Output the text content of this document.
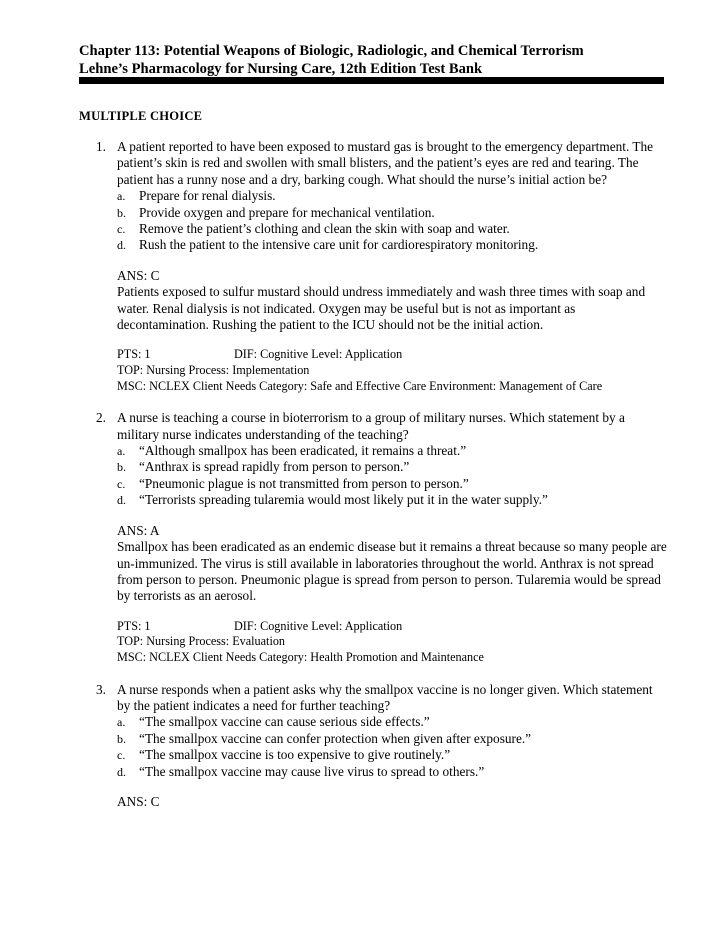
Chapter 113: Potential Weapons of Biologic, Radiologic, and Chemical Terrorism
Lehne’s Pharmacology for Nursing Care, 12th Edition Test Bank
MULTIPLE CHOICE
1. A patient reported to have been exposed to mustard gas is brought to the emergency department. The patient’s skin is red and swollen with small blisters, and the patient’s eyes are red and tearing. The patient has a runny nose and a dry, barking cough. What should the nurse’s initial action be?

a. Prepare for renal dialysis.
b. Provide oxygen and prepare for mechanical ventilation.
c. Remove the patient’s clothing and clean the skin with soap and water.
d. Rush the patient to the intensive care unit for cardiorespiratory monitoring.
ANS: C
Patients exposed to sulfur mustard should undress immediately and wash three times with soap and water. Renal dialysis is not indicated. Oxygen may be useful but is not as important as decontamination. Rushing the patient to the ICU should not be the initial action.
PTS: 1	DIF: Cognitive Level: Application
TOP: Nursing Process: Implementation
MSC: NCLEX Client Needs Category: Safe and Effective Care Environment: Management of Care
2. A nurse is teaching a course in bioterrorism to a group of military nurses. Which statement by a military nurse indicates understanding of the teaching?

a. “Although smallpox has been eradicated, it remains a threat.”
b. “Anthrax is spread rapidly from person to person.”
c. “Pneumonic plague is not transmitted from person to person.”
d. “Terrorists spreading tularemia would most likely put it in the water supply.”
ANS: A
Smallpox has been eradicated as an endemic disease but it remains a threat because so many people are un-immunized. The virus is still available in laboratories throughout the world. Anthrax is not spread from person to person. Pneumonic plague is spread from person to person. Tularemia would be spread by terrorists as an aerosol.
PTS: 1	DIF: Cognitive Level: Application
TOP: Nursing Process: Evaluation
MSC: NCLEX Client Needs Category: Health Promotion and Maintenance
3. A nurse responds when a patient asks why the smallpox vaccine is no longer given. Which statement by the patient indicates a need for further teaching?

a. “The smallpox vaccine can cause serious side effects.”
b. “The smallpox vaccine can confer protection when given after exposure.”
c. “The smallpox vaccine is too expensive to give routinely.”
d. “The smallpox vaccine may cause live virus to spread to others.”
ANS: C
